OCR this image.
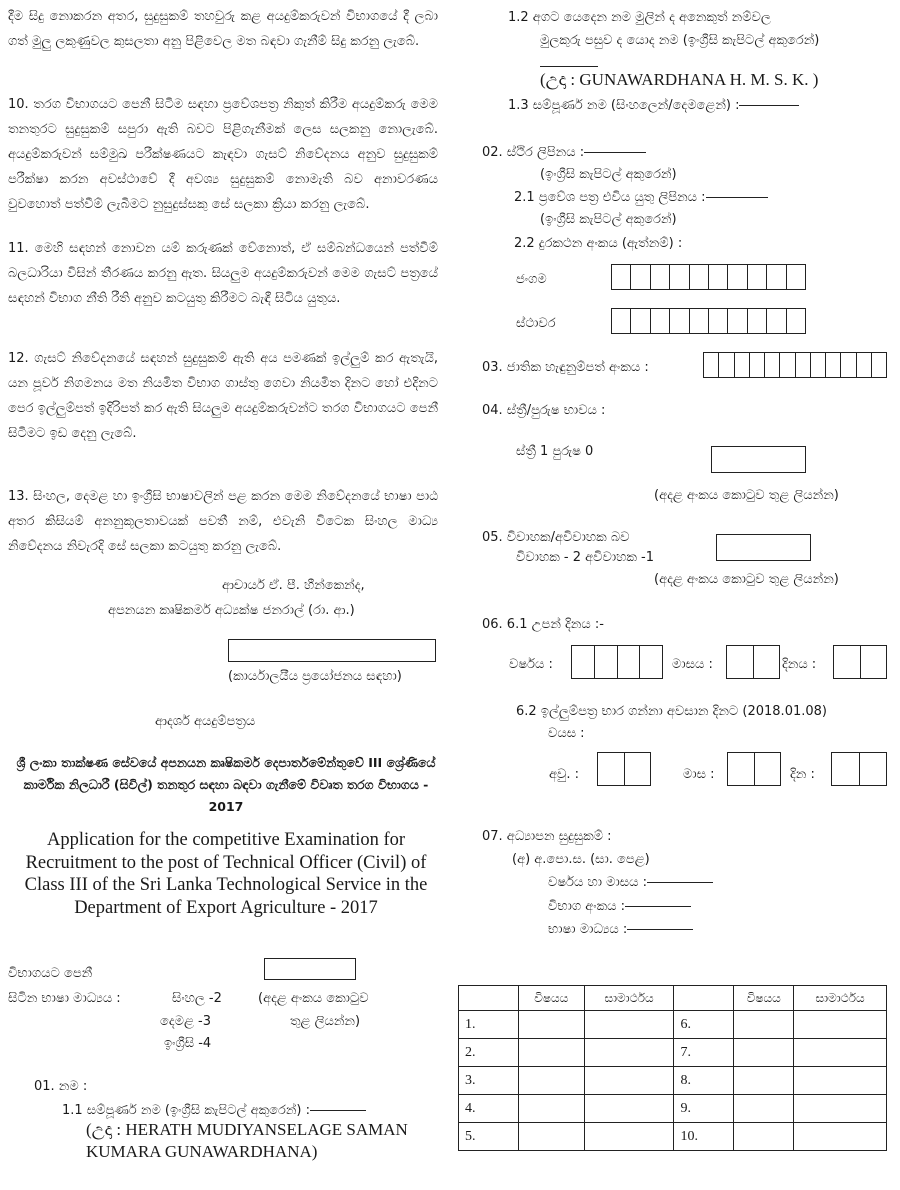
දීම සිදු නොකරන අතර, සුදුසුකම් තහවුරු කළ අයදුම්කරුවන් විභාගයේ දී ලබා ගත් මුලු ලකුණුවල කුසලතා අනු පිළිවෙල මත බඳවා ගැනීම් සිදු කරනු ලැබේ.
10. තරග විභාගයට පෙනී සිටීම සඳහා ප්‍රවේශපත්‍ර නිකුත් කිරීම අයදුම්කරු මෙම තනතුරට සුදුසුකම් සපුරා ඇති බවට පිළිගැනීමක් ලෙස සලකනු නොලැබේ. අයදුම්කරුවන් සම්මුඛ පරීක්ෂණයට කැඳවා ගැසට් නිවේදනය අනුව සුදුසුකම් පරීක්ෂා කරන අවස්ථාවේ දී අවශ්‍ය සුදුසුකම් නොමැති බව අනාවරණය වුවහොත් පත්වීම් ලැබීමට නුසුදුස්සකු සේ සලකා ක්‍රියා කරනු ලැබේ.
11. මෙහි සඳහන් නොවන යම් කරුණක් වේනොත්, ඒ සම්බන්ධයෙන් පත්වීම් බලධාරියා විසින් තීරණය කරනු ඇත. සියලුම අයදුම්කරුවන් මෙම ගැසට් පත්‍රයේ සඳහන් විභාග නීති රීති අනුව කටයුතු කිරීමට බැඳී සිටිය යුතුය.
12. ගැසට් නිවේදනයේ සඳහන් සුදුසුකම් ඇති අය පමණක් ඉල්ලුම් කර ඇතැයි, යන පූර්ව නිගමනය මත නියමිත විභාග ගාස්තු ගෙවා නියමිත දිනට හෝ එදිනට පෙර ඉල්ලුම්පත් ඉදිරිපත් කර ඇති සියලුම අයදුම්කරුවන්ට තරග විභාගයට පෙනී සිටීමට ඉඩ දෙනු ලැබේ.
13. සිංහල, දෙමළ හා ඉංග්‍රීසි භාෂාවලින් පළ කරන මෙම නිවේදනයේ භාෂා පාඨ අතර කිසියම් අනනුකූලතාවයක් පවතී නම්, එවැනි විටෙක සිංහල මාධ්‍ය නිවේදනය නිවැරදි සේ සලකා කටයුතු කරනු ලැබේ.
ආචාර්ය ඒ. පී. හීන්කෙන්ද,
අපනයන කෘෂිකර්ම අධ්‍යක්ෂ ජනරාල් (රා. ආ.)
(කාර්යාලයීය ප්‍රයෝජනය සඳහා)
ආදර්ශ අයදුම්පත්‍රය
ශ්‍රී ලංකා තාක්ෂණ සේවයේ අපනයන කෘෂිකර්ම දෙපාර්තමේන්තුවේ III ශ්‍රේණියේ කාර්මික නිලධාරී (සිවිල්) තනතුර සඳහා බඳවා ගැනීමේ විවෘත තරග විභාගය - 2017
Application for the competitive Examination for Recruitment to the post of Technical Officer (Civil) of Class III of the Sri Lanka Technological Service in the Department of Export Agriculture - 2017
විභාගයට පෙනී
සිටින භාෂා මාධ්‍යය :	සිංහල -2
දෙමළ -3
ඉංග්‍රීසි -4
(අදළ අංකය කොටුව
තුළ ලියන්න)
01. නම :
1.1 සම්පූර්ණ නම (ඉංග්‍රීසි කැපිටල් අකුරෙන්) :
(උදා : HERATH MUDIYANSELAGE SAMAN
KUMARA GUNAWARDHANA)
1.2 අගට යෙදෙන නම මුලින් ද අනෙකුත් නම්වල
මුලකුරු පසුව ද යොද නම (ඉංග්‍රීසි කැපිටල් අකුරෙන්)
(උදා : GUNAWARDHANA H. M. S. K. )
1.3 සම්පූර්ණ නම (සිංහලෙන්/දෙමළෙන්) :
02. ස්ථිර ලිපිනය :
(ඉංග්‍රීසි කැපිටල් අකුරෙන්)
2.1 ප්‍රවේශ පත්‍ර එවිය යුතු ලිපිනය :
(ඉංග්‍රීසි කැපිටල් අකුරෙන්)
2.2 දුරකථන අංකය (ඇත්නම්) :
ජංගම
ස්ථාවර
03. ජාතික හැඳුනුම්පත් අංකය :
04. ස්ත්‍රී/පුරුෂ භාවය :
ස්ත්‍රී 1 පුරුෂ 0
(අදළ අංකය කොටුව තුළ ලියන්න)
05. විවාහක/අවිවාහක බව
විවාහක - 2 අවිවාහක -1
(අදළ අංකය කොටුව තුළ ලියන්න)
06. 6.1 උපන් දිනය :-
වර්ෂය :	මාසය :	දිනය :
6.2 ඉල්ලුම්පත්‍ර භාර ගන්නා අවසාන දිනට (2018.01.08)
වයස :
අවු. :	මාස :	දින :
07. අධ්‍යාපන සුදුසුකම් :
(අ) අ.පො.ස. (සා. පෙළ)
වර්ෂය හා මාසය :
විභාග අංකය :
භාෂා මාධ්‍යය :
	විෂයය	සාමාර්ථය		විෂයය	සාමාර්ථය
1.			6.		
2.			7.		
3.			8.		
4.			9.		
5.			10.		
